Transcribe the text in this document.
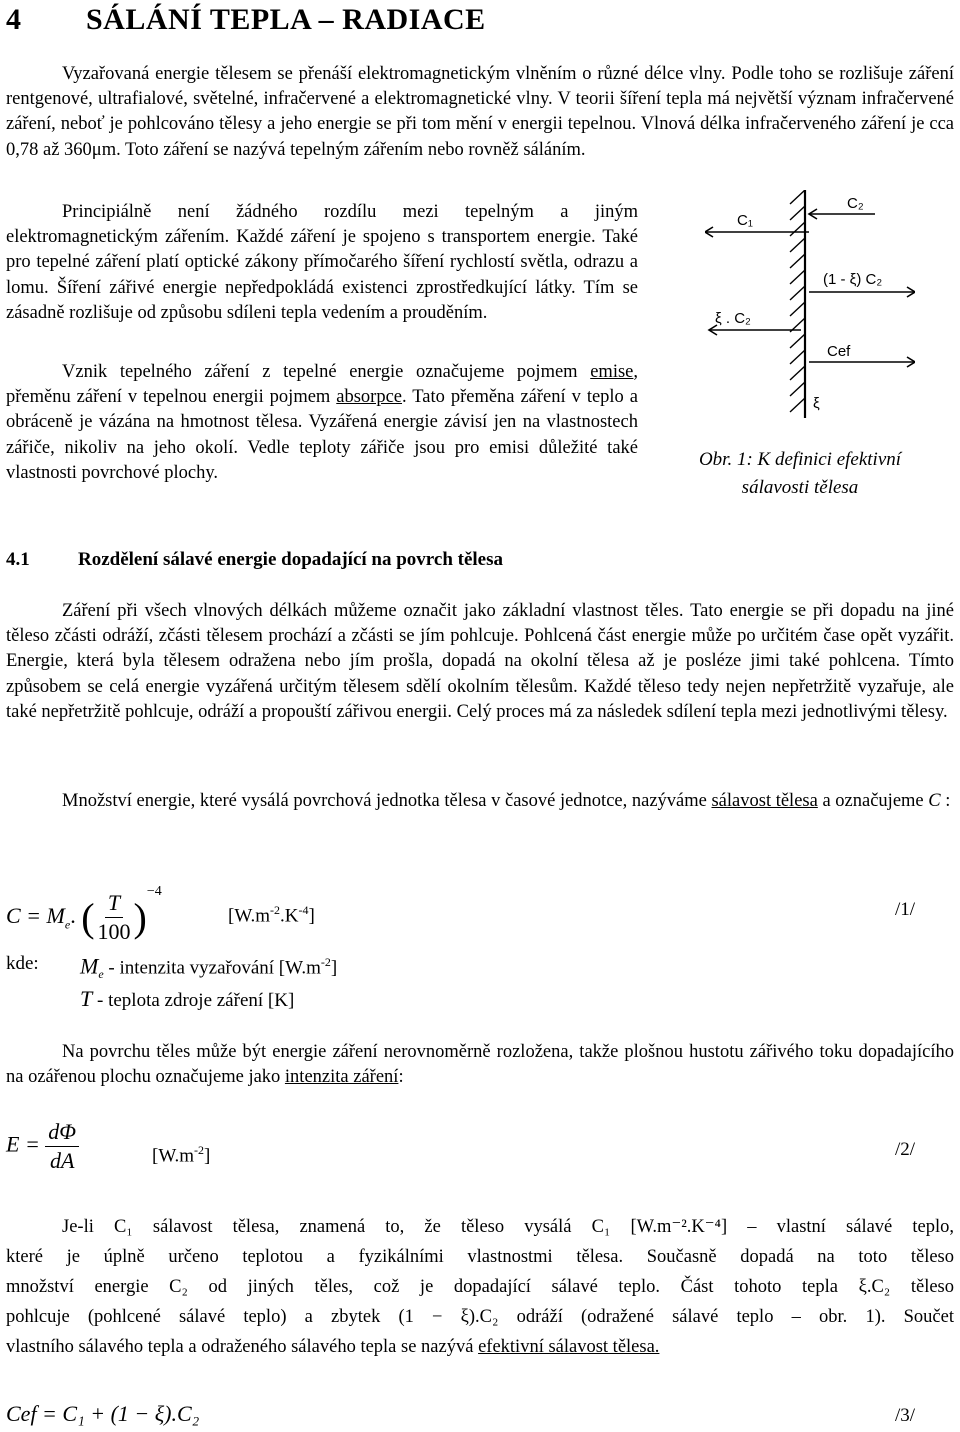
4 SÁLÁNÍ TEPLA – RADIACE
Vyzařovaná energie tělesem se přenáší elektromagnetickým vlněním o různé délce vlny. Podle toho se rozlišuje záření rentgenové, ultrafialové, světelné, infračervené a elektromagnetické vlny. V teorii šíření tepla má největší význam infračervené záření, neboť je pohlcováno tělesy a jeho energie se při tom mění v energii tepelnou. Vlnová délka infračerveného záření je cca 0,78 až 360μm. Toto záření se nazývá tepelným zářením nebo rovněž sáláním.
Principiálně není žádného rozdílu mezi tepelným a jiným elektromagnetickým zářením. Každé záření je spojeno s transportem energie. Také pro tepelné záření platí optické zákony přímočarého šíření rychlostí světla, odrazu a lomu. Šíření zářivé energie nepředpokládá existenci zprostředkující látky. Tím se zásadně rozlišuje od způsobu sdíleni tepla vedením a prouděním.
Vznik tepelného záření z tepelné energie označujeme pojmem emise, přeměnu záření v tepelnou energii pojmem absorpce. Tato přeměna záření v teplo a obráceně je vázána na hmotnost tělesa. Vyzářená energie závisí jen na vlastnostech zářiče, nikoliv na jeho okolí. Vedle teploty zářiče jsou pro emisi důležité také vlastnosti povrchové plochy.
C₂
C₁
(1 - ξ) C₂
ξ . C₂
Cef
ξ
Obr. 1: K definici efektivní
sálavosti tělesa
4.1	Rozdělení sálavé energie dopadající na povrch tělesa
Záření při všech vlnových délkách můžeme označit jako základní vlastnost těles. Tato energie se při dopadu na jiné těleso zčásti odráží, zčásti tělesem prochází a zčásti se jím pohlcuje. Pohlcená část energie může po určitém čase opět vyzářit. Energie, která byla tělesem odražena nebo jím prošla, dopadá na okolní tělesa až je posléze jimi také pohlcena. Tímto způsobem se celá energie vyzářená určitým tělesem sdělí okolním tělesům. Každé těleso tedy nejen nepřetržitě vyzařuje, ale také nepřetržitě pohlcuje, odráží a propouští zářivou energii. Celý proces má za následek sdílení tepla mezi jednotlivými tělesy.
Množství energie, které vysálá povrchová jednotka tělesa v časové jednotce, nazýváme sálavost tělesa a označujeme C :
$C = M_e$. ( $\frac{T}{100} )^{-4}$
$[W.m^{-2}.K^{-4}]$	/1/
kde: $M_e$ - intenzita vyzařování $[W.m^{-2}]$
T - teplota zdroje záření [K]
Na povrchu těles může být energie záření nerovnoměrně rozložena, takže plošnou hustotu zářivého toku dopadajícího na ozářenou plochu označujeme jako intenzita záření:
$E = \frac{d\Phi}{dA}$	$[W.m^{-2}]$	/2/
Je-li C₁ sálavost tělesa, znamená to, že těleso vysálá C₁ [W.m⁻².K⁻⁴] – vlastní sálavé teplo,
které je úplně určeno teplotou a fyzikálními vlastnostmi tělesa. Současně dopadá na toto těleso
množství energie C₂ od jiných těles, což je dopadající sálavé teplo. Část tohoto tepla ξ.C₂ těleso
pohlcuje (pohlcené sálavé teplo) a zbytek (1 − ξ).C₂ odráží (odražené sálavé teplo – obr. 1). Součet
vlastního sálavého tepla a odraženého sálavého tepla se nazývá efektivní sálavost tělesa.
Cef = C₁ + (1 − ξ).C₂	/3/
